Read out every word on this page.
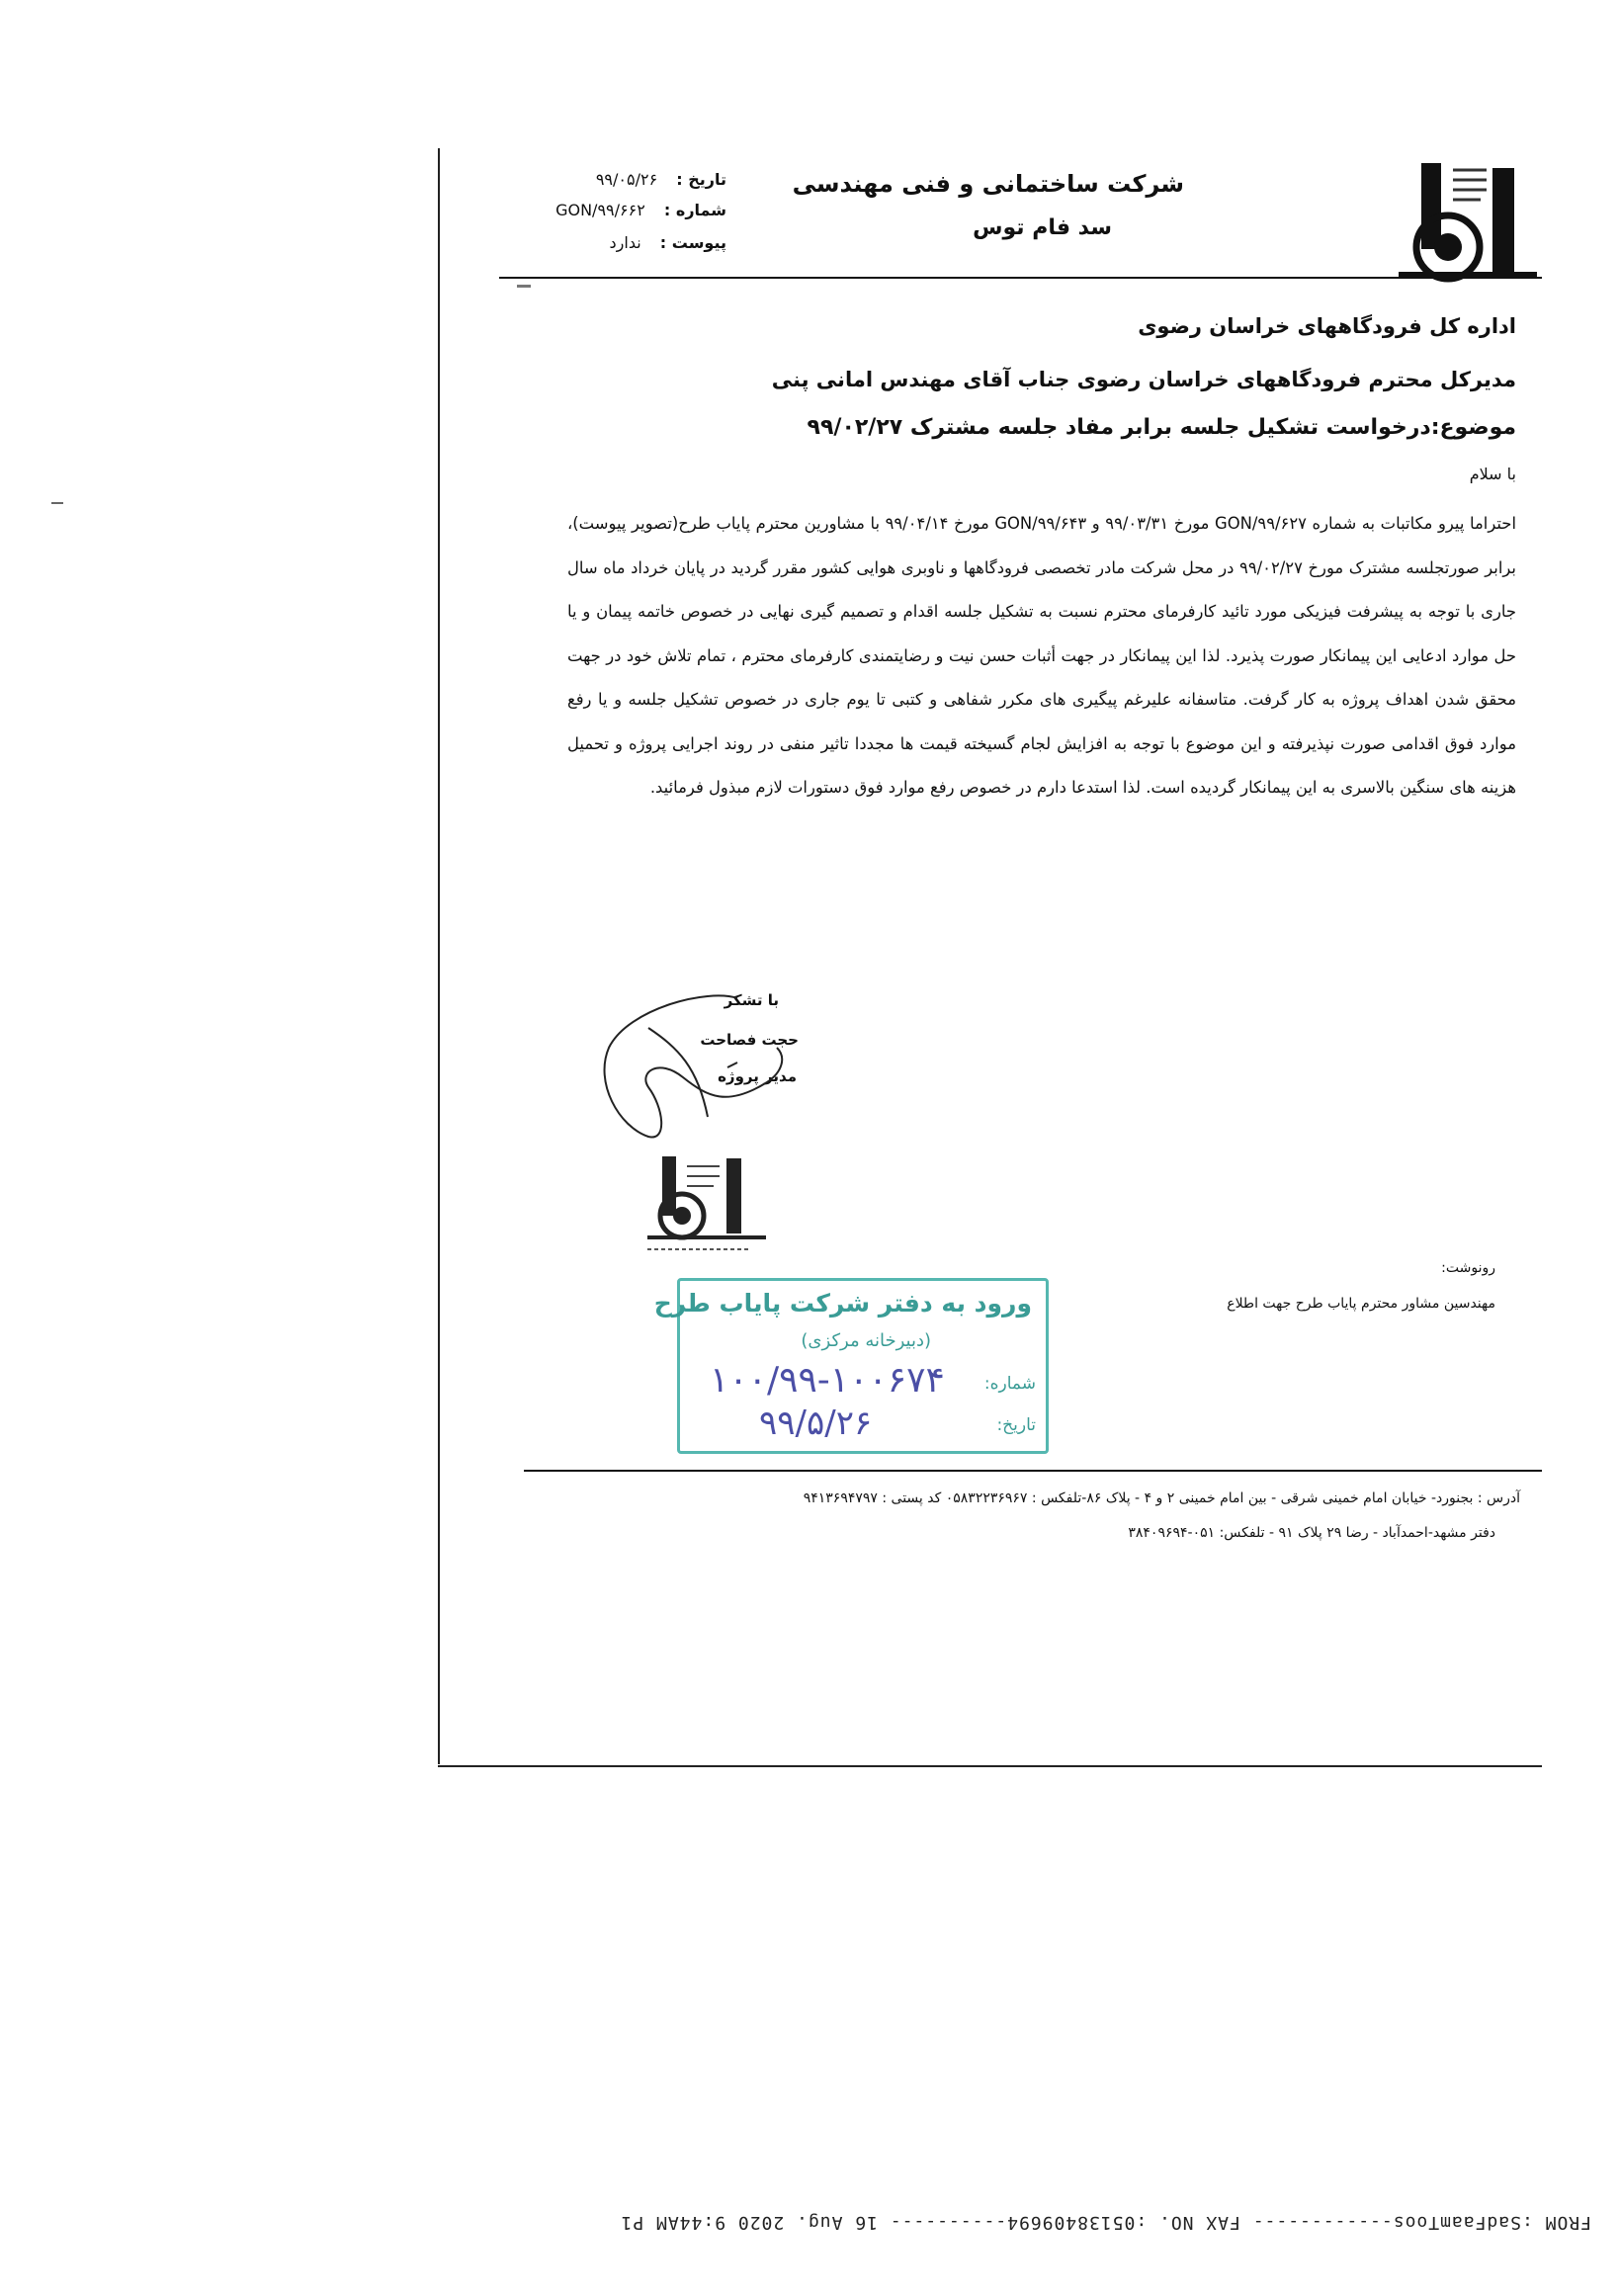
شرکت ساختمانی و فنی مهندسی
سد فام توس
تاریخ : ۹۹/۰۵/۲۶
شماره : GON/۹۹/۶۶۲
پیوست : ندارد
اداره کل فرودگاههای خراسان رضوی
مدیرکل محترم فرودگاههای خراسان رضوی جناب آقای مهندس امانی پنی
موضوع:درخواست تشکیل جلسه برابر مفاد جلسه مشترک ۹۹/۰۲/۲۷
با سلام
احتراما پیرو مکاتبات به شماره GON/۹۹/۶۲۷ مورخ ۹۹/۰۳/۳۱ و GON/۹۹/۶۴۳ مورخ ۹۹/۰۴/۱۴ با مشاورین محترم پایاب طرح(تصویر پیوست)، برابر صورتجلسه مشترک مورخ ۹۹/۰۲/۲۷ در محل شرکت مادر تخصصی فرودگاهها و ناوبری هوایی کشور مقرر گردید در پایان خرداد ماه سال جاری با توجه به پیشرفت فیزیکی مورد تائید کارفرمای محترم نسبت به تشکیل جلسه اقدام و تصمیم گیری نهایی در خصوص خاتمه پیمان و یا حل موارد ادعایی این پیمانکار صورت پذیرد. لذا این پیمانکار در جهت أثبات حسن نیت و رضایتمندی کارفرمای محترم ، تمام تلاش خود در جهت محقق شدن اهداف پروژه به کار گرفت. متاسفانه علیرغم پیگیری های مکرر شفاهی و کتبی تا یوم جاری در خصوص تشکیل جلسه و یا رفع موارد فوق اقدامی صورت نپذیرفته و این موضوع با توجه به افزایش لجام گسیخته قیمت ها مجددا تاثیر منفی در روند اجرایی پروژه و تحمیل هزینه های سنگین بالاسری به این پیمانکار گردیده است. لذا استدعا دارم در خصوص رفع موارد فوق دستورات لازم مبذول فرمائید.
با تشکر
حجت فصاحت
مدیر پروژه
رونوشت:
مهندسین مشاور محترم پایاب طرح جهت اطلاع
ورود به دفتر شرکت پایاب طرح
(دبیرخانه مرکزی)
شماره:
۱۰۰/۹۹-۱۰۰۶۷۴
تاریخ:
۹۹/۵/۲۶
آدرس : بجنورد- خیابان امام خمینی شرقی - بین امام خمینی ۲ و ۴ - پلاک ۸۶-تلفکس : ۰۵۸۳۲۲۳۶۹۶۷ کد پستی : ۹۴۱۳۶۹۴۷۹۷
دفتر مشهد-احمدآباد - رضا ۲۹ پلاک ۹۱ - تلفکس: ۰۵۱-۳۸۴۰۹۶۹۴
FROM :SadFaamToos------------ FAX NO. :05138409694---------- 16 Aug. 2020 9:44AM P1
